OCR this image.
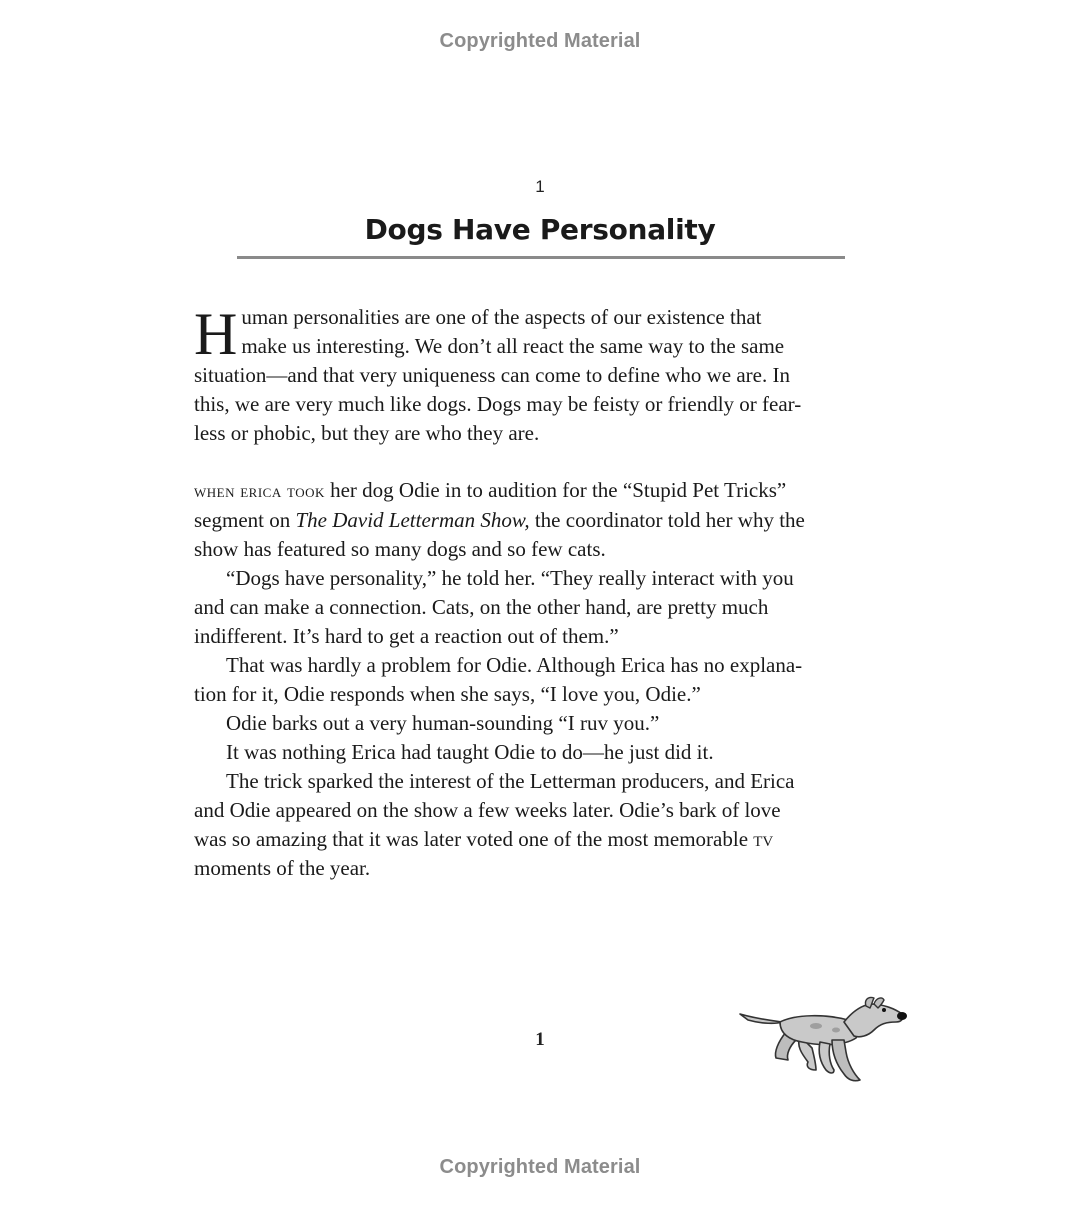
Copyrighted Material
1
Dogs Have Personality
H uman personalities are one of the aspects of our existence that
make us interesting. We don’t all react the same way to the same
situation—and that very uniqueness can come to define who we are. In
this, we are very much like dogs. Dogs may be feisty or friendly or fear-
less or phobic, but they are who they are.
when erica took her dog Odie in to audition for the “Stupid Pet Tricks”
segment on The David Letterman Show, the coordinator told her why the
show has featured so many dogs and so few cats.
“Dogs have personality,” he told her. “They really interact with you
and can make a connection. Cats, on the other hand, are pretty much
indifferent. It’s hard to get a reaction out of them.”
That was hardly a problem for Odie. Although Erica has no explana-
tion for it, Odie responds when she says, “I love you, Odie.”
Odie barks out a very human-sounding “I ruv you.”
It was nothing Erica had taught Odie to do—he just did it.
The trick sparked the interest of the Letterman producers, and Erica
and Odie appeared on the show a few weeks later. Odie’s bark of love
was so amazing that it was later voted one of the most memorable tv
moments of the year.
1
Copyrighted Material
